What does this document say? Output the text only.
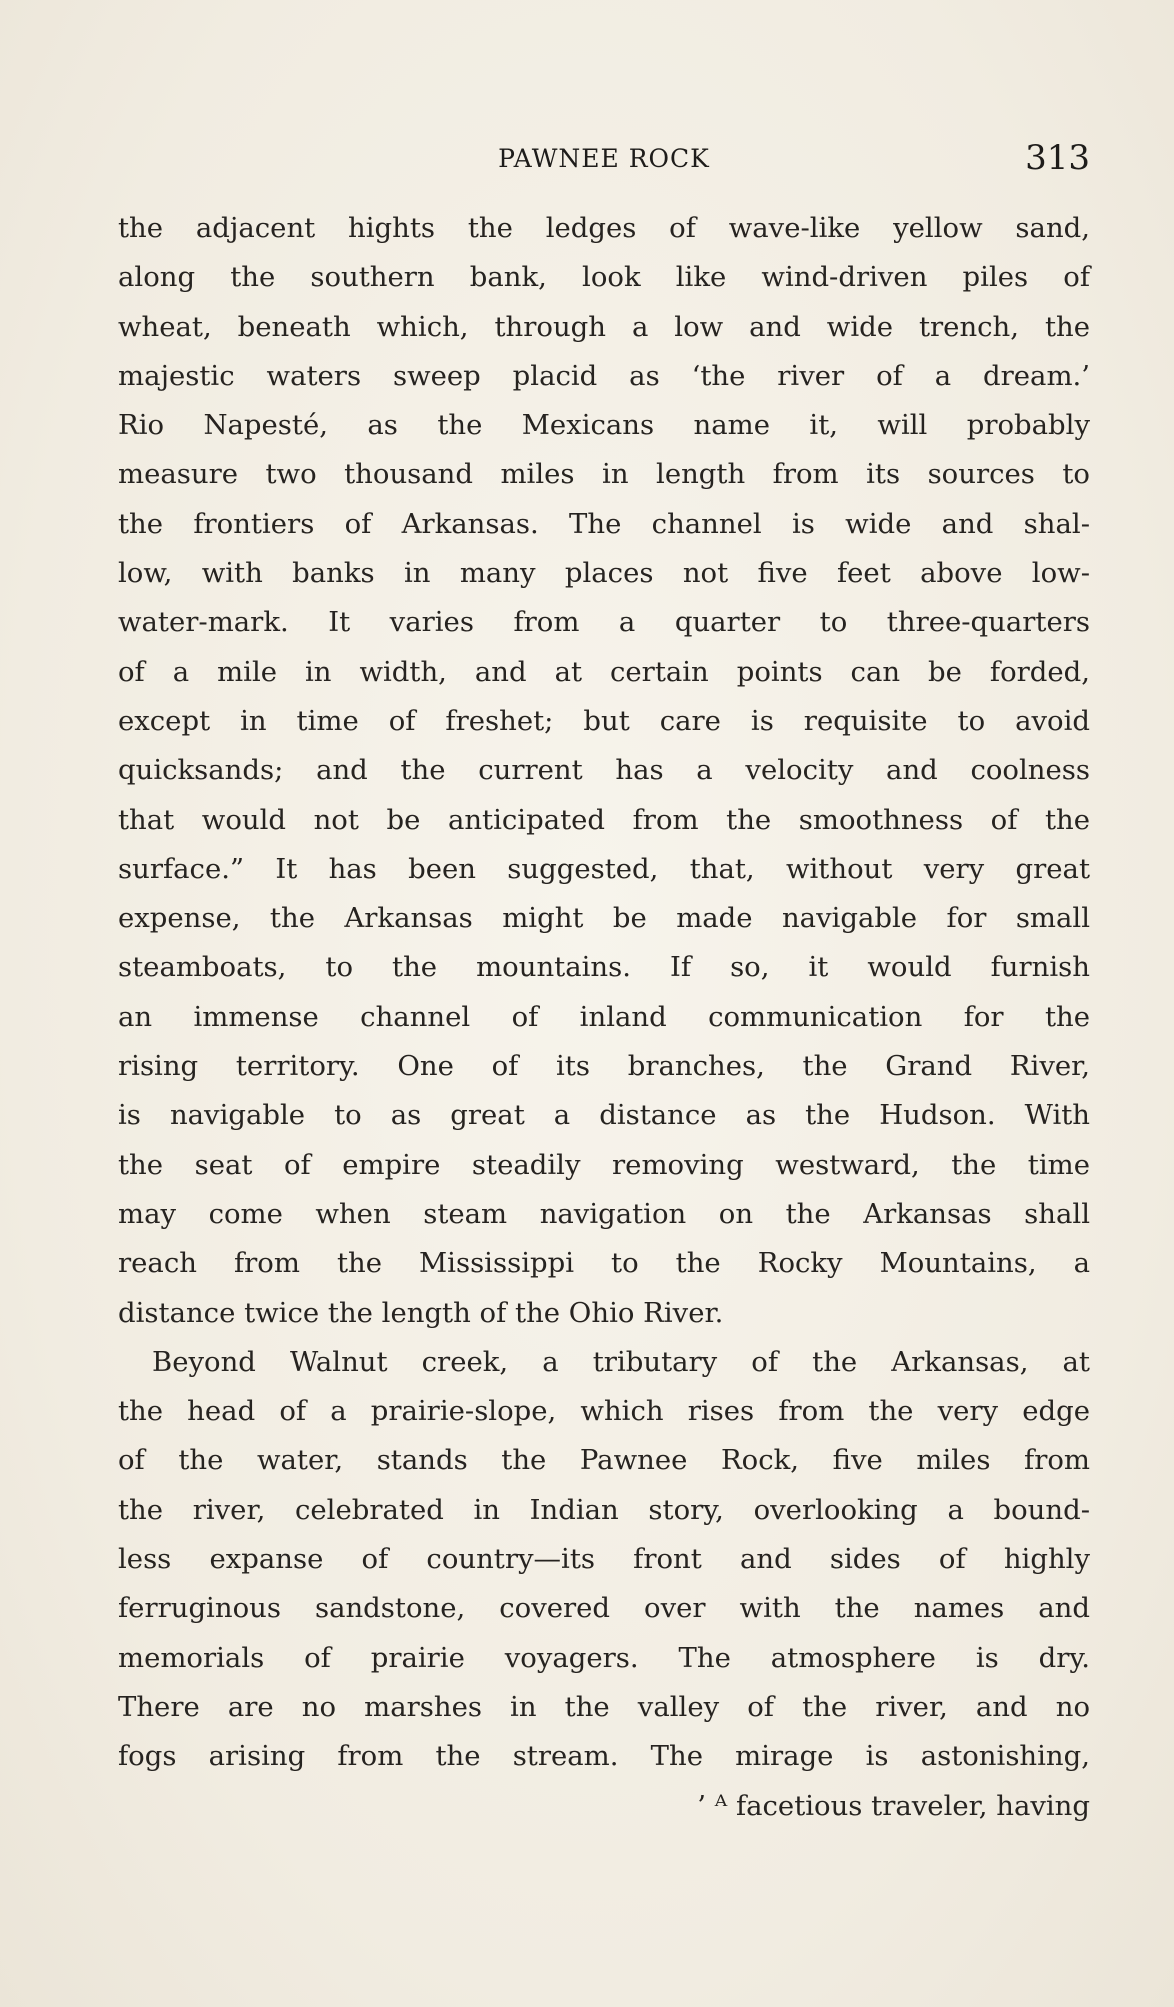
PAWNEE ROCK	313
the adjacent hights the ledges of wave-like yellow sand,
along the southern bank, look like wind-driven piles of
wheat, beneath which, through a low and wide trench, the
majestic waters sweep placid as ‘the river of a dream.’
Rio Napesté, as the Mexicans name it, will probably
measure two thousand miles in length from its sources to
the frontiers of Arkansas. The channel is wide and shal-
low, with banks in many places not five feet above low-
water-mark. It varies from a quarter to three-quarters
of a mile in width, and at certain points can be forded,
except in time of freshet; but care is requisite to avoid
quicksands; and the current has a velocity and coolness
that would not be anticipated from the smoothness of the
surface.” It has been suggested, that, without very great
expense, the Arkansas might be made navigable for small
steamboats, to the mountains. If so, it would furnish
an immense channel of inland communication for the
rising territory. One of its branches, the Grand River,
is navigable to as great a distance as the Hudson. With
the seat of empire steadily removing westward, the time
may come when steam navigation on the Arkansas shall
reach from the Mississippi to the Rocky Mountains, a
distance twice the length of the Ohio River.
Beyond Walnut creek, a tributary of the Arkansas, at
the head of a prairie-slope, which rises from the very edge
of the water, stands the Pawnee Rock, five miles from
the river, celebrated in Indian story, overlooking a bound-
less expanse of country—its front and sides of highly
ferruginous sandstone, covered over with the names and
memorials of prairie voyagers. The atmosphere is dry.
There are no marshes in the valley of the river, and no
fogs arising from the stream. The mirage is astonishing,
’ ᴬ facetious traveler, having
